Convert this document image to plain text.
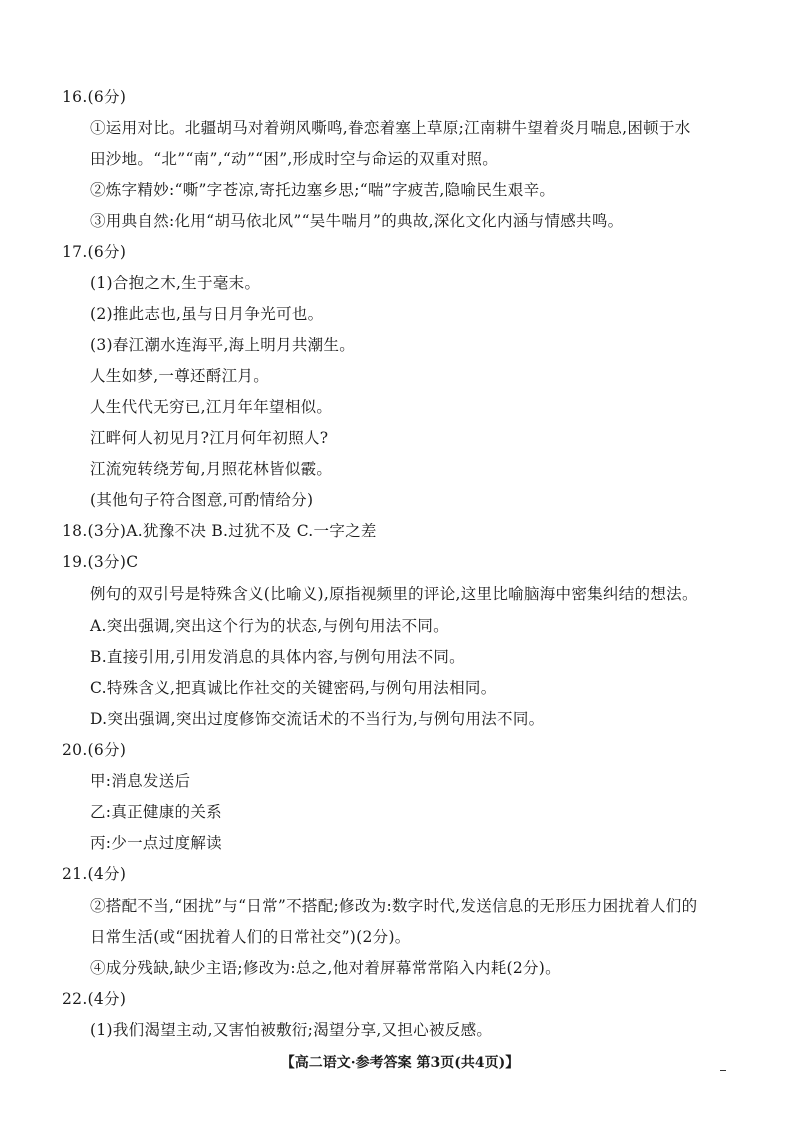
16.(6分)
①运用对比。北疆胡马对着朔风嘶鸣,眷恋着塞上草原;江南耕牛望着炎月喘息,困顿于水
田沙地。“北”“南”,“动”“困”,形成时空与命运的双重对照。
②炼字精妙:“嘶”字苍凉,寄托边塞乡思;“喘”字疲苦,隐喻民生艰辛。
③用典自然:化用“胡马依北风”“吴牛喘月”的典故,深化文化内涵与情感共鸣。
17.(6分)
(1)合抱之木,生于毫末。
(2)推此志也,虽与日月争光可也。
(3)春江潮水连海平,海上明月共潮生。
人生如梦,一尊还酹江月。
人生代代无穷已,江月年年望相似。
江畔何人初见月?江月何年初照人?
江流宛转绕芳甸,月照花林皆似霰。
(其他句子符合图意,可酌情给分)
18.(3分)A.犹豫不决 B.过犹不及 C.一字之差
19.(3分)C
例句的双引号是特殊含义(比喻义),原指视频里的评论,这里比喻脑海中密集纠结的想法。
A.突出强调,突出这个行为的状态,与例句用法不同。
B.直接引用,引用发消息的具体内容,与例句用法不同。
C.特殊含义,把真诚比作社交的关键密码,与例句用法相同。
D.突出强调,突出过度修饰交流话术的不当行为,与例句用法不同。
20.(6分)
甲:消息发送后
乙:真正健康的关系
丙:少一点过度解读
21.(4分)
②搭配不当,“困扰”与“日常”不搭配;修改为:数字时代,发送信息的无形压力困扰着人们的
日常生活(或“困扰着人们的日常社交”)(2分)。
④成分残缺,缺少主语;修改为:总之,他对着屏幕常常陷入内耗(2分)。
22.(4分)
(1)我们渴望主动,又害怕被敷衍;渴望分享,又担心被反感。
【高二语文·参考答案 第3页(共4页)】
